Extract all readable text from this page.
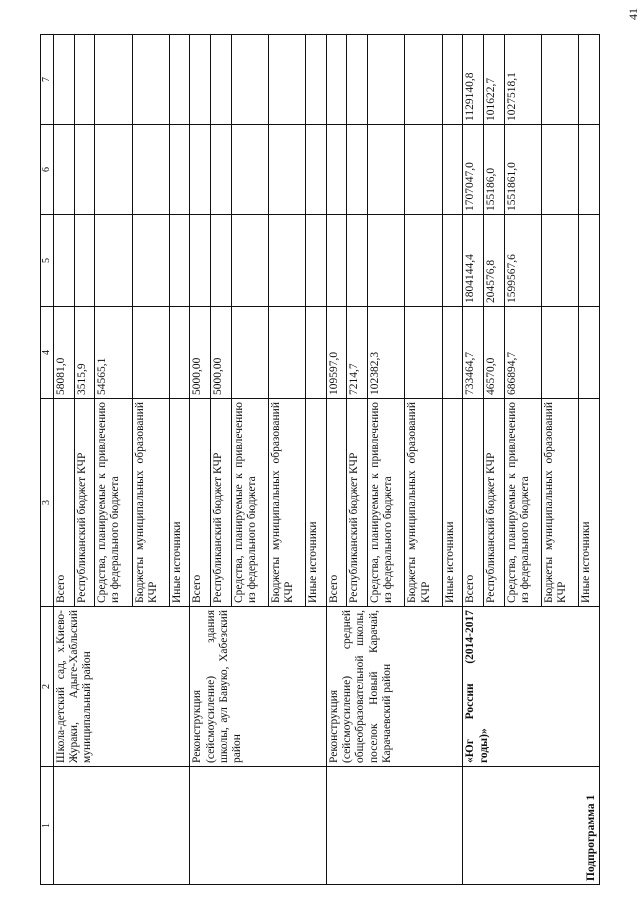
41
1	2	3	4	5	6	7
	Школа-детский сад, х.Киево-Жураки, Адыге-Хабльский муниципальный район	Всего	58081,0			
		Республиканский бюджет КЧР	3515,9			
		Средства, планируемые к привлечению из федерального бюджета	54565,1			
		Бюджеты муниципальных образований КЧР				
		Иные источники				
	Реконструкция (сейсмоусиление) здания школы, аул Бавуко, Хабезский район	Всего	5000,00			
		Республиканский бюджет КЧР	5000,00			
		Средства, планируемые к привлечению из федерального бюджета				
		Бюджеты муниципальных образований КЧР				
		Иные источники				
	Реконструкция (сейсмоусиление) средней общеобразовательной школы, поселок Новый Карачай, Карачаевский район	Всего	109597,0			
		Республиканский бюджет КЧР	7214,7			
		Средства, планируемые к привлечению из федерального бюджета	102382,3			
		Бюджеты муниципальных образований КЧР				
		Иные источники				
Подпрограмма 1	«Юг России (2014-2017 годы)»	Всего	733464,7	1804144,4	1707047,0	1129140,8
		Республиканский бюджет КЧР	46570,0	204576,8	155186,0	101622,7
		Средства, планируемые к привлечению из федерального бюджета	686894,7	1599567,6	1551861,0	1027518,1
		Бюджеты муниципальных образований КЧР				
		Иные источники				
